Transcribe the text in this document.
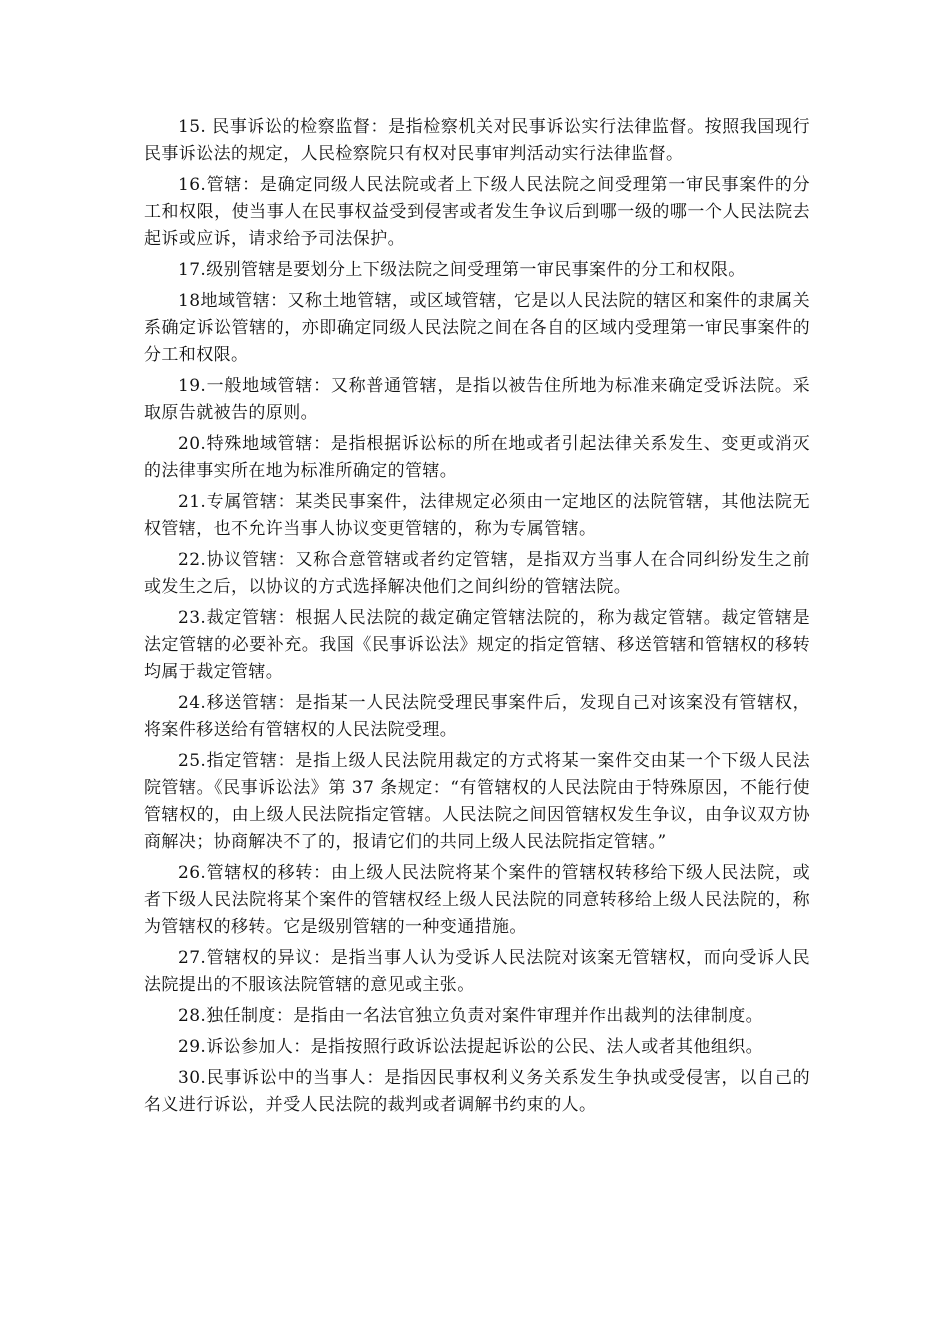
15. 民事诉讼的检察监督：是指检察机关对民事诉讼实行法律监督。按照我国现行民事诉讼法的规定，人民检察院只有权对民事审判活动实行法律监督。

16.管辖：是确定同级人民法院或者上下级人民法院之间受理第一审民事案件的分工和权限，使当事人在民事权益受到侵害或者发生争议后到哪一级的哪一个人民法院去起诉或应诉，请求给予司法保护。

17.级别管辖是要划分上下级法院之间受理第一审民事案件的分工和权限。

18地域管辖：又称土地管辖，或区域管辖，它是以人民法院的辖区和案件的隶属关系确定诉讼管辖的，亦即确定同级人民法院之间在各自的区域内受理第一审民事案件的分工和权限。

19.一般地域管辖：又称普通管辖，是指以被告住所地为标准来确定受诉法院。采取原告就被告的原则。

20.特殊地域管辖：是指根据诉讼标的所在地或者引起法律关系发生、变更或消灭的法律事实所在地为标准所确定的管辖。

21.专属管辖：某类民事案件，法律规定必须由一定地区的法院管辖，其他法院无权管辖，也不允许当事人协议变更管辖的，称为专属管辖。

22.协议管辖：又称合意管辖或者约定管辖，是指双方当事人在合同纠纷发生之前或发生之后，以协议的方式选择解决他们之间纠纷的管辖法院。

23.裁定管辖：根据人民法院的裁定确定管辖法院的，称为裁定管辖。裁定管辖是法定管辖的必要补充。我国《民事诉讼法》规定的指定管辖、移送管辖和管辖权的移转均属于裁定管辖。

24.移送管辖：是指某一人民法院受理民事案件后，发现自己对该案没有管辖权，将案件移送给有管辖权的人民法院受理。

25.指定管辖：是指上级人民法院用裁定的方式将某一案件交由某一个下级人民法院管辖。《民事诉讼法》第 37 条规定：“有管辖权的人民法院由于特殊原因，不能行使管辖权的，由上级人民法院指定管辖。人民法院之间因管辖权发生争议，由争议双方协商解决；协商解决不了的，报请它们的共同上级人民法院指定管辖。”

26.管辖权的移转：由上级人民法院将某个案件的管辖权转移给下级人民法院，或者下级人民法院将某个案件的管辖权经上级人民法院的同意转移给上级人民法院的，称为管辖权的移转。它是级别管辖的一种变通措施。

27.管辖权的异议：是指当事人认为受诉人民法院对该案无管辖权，而向受诉人民法院提出的不服该法院管辖的意见或主张。

28.独任制度：是指由一名法官独立负责对案件审理并作出裁判的法律制度。

29.诉讼参加人：是指按照行政诉讼法提起诉讼的公民、法人或者其他组织。

30.民事诉讼中的当事人：是指因民事权利义务关系发生争执或受侵害，以自己的名义进行诉讼，并受人民法院的裁判或者调解书约束的人。
